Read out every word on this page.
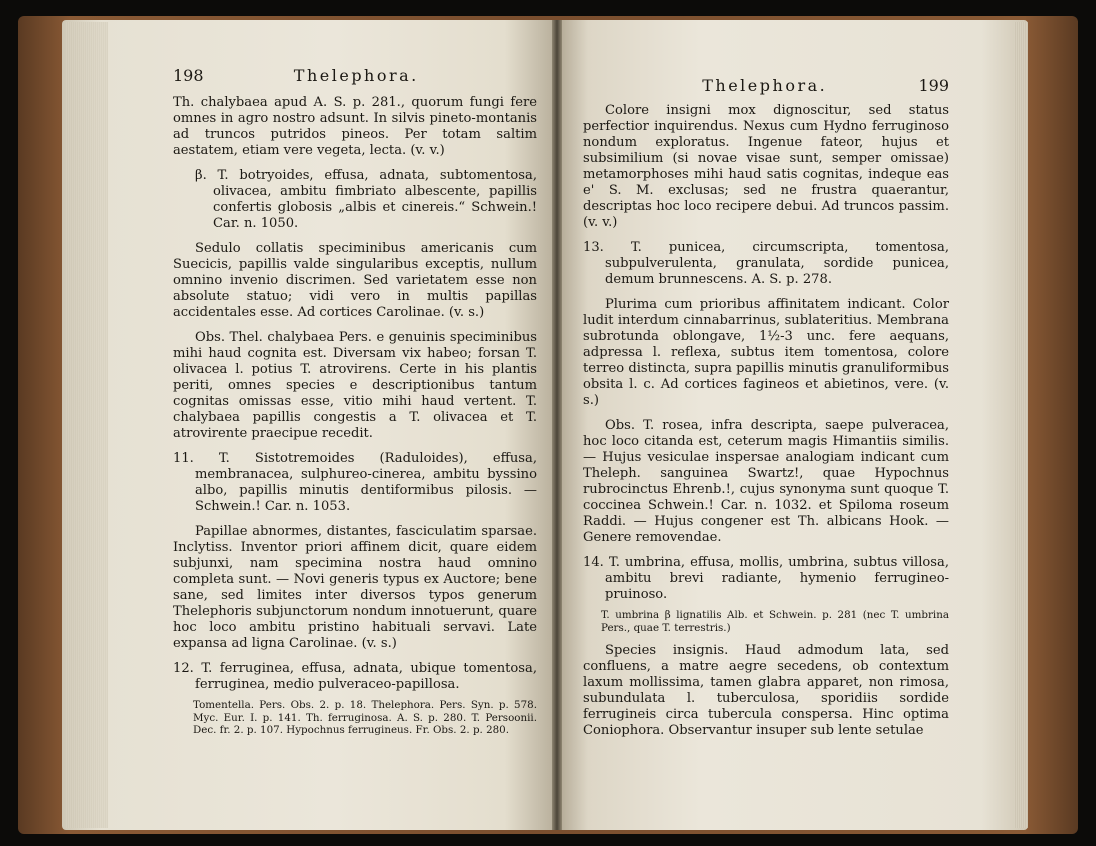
198	Thelephora.

Th. chalybaea apud A. S. p. 281., quorum fungi fere omnes in agro nostro adsunt. In silvis pineto-montanis ad truncos putridos pineos. Per totam saltim aestatem, etiam vere vegeta, lecta. (v. v.)

β. T. botryoides, effusa, adnata, subtomentosa, olivacea, ambitu fimbriato albescente, papillis confertis globosis „albis et cinereis.“ Schwein.! Car. n. 1050.

Sedulo collatis speciminibus americanis cum Suecicis, papillis valde singularibus exceptis, nullum omnino invenio discrimen. Sed varietatem esse non absolute statuo; vidi vero in multis papillas accidentales esse. Ad cortices Carolinae. (v. s.)

Obs. Thel. chalybaea Pers. e genuinis speciminibus mihi haud cognita est. Diversam vix habeo; forsan T. olivacea l. potius T. atrovirens. Certe in his plantis periti, omnes species e descriptionibus tantum cognitas omissas esse, vitio mihi haud vertent. T. chalybaea papillis congestis a T. olivacea et T. atrovirente praecipue recedit.

11. T. Sistotremoides (Raduloides), effusa, membranacea, sulphureo-cinerea, ambitu byssino albo, papillis minutis dentiformibus pilosis. — Schwein.! Car. n. 1053.

Papillae abnormes, distantes, fasciculatim sparsae. Inclytiss. Inventor priori affinem dicit, quare eidem subjunxi, nam specimina nostra haud omnino completa sunt. — Novi generis typus ex Auctore; bene sane, sed limites inter diversos typos generum Thelephoris subjunctorum nondum innotuerunt, quare hoc loco ambitu pristino habituali servavi. Late expansa ad ligna Carolinae. (v. s.)

12. T. ferruginea, effusa, adnata, ubique tomentosa, ferruginea, medio pulveraceo-papillosa.

Tomentella. Pers. Obs. 2. p. 18. Thelephora. Pers. Syn. p. 578. Myc. Eur. I. p. 141. Th. ferruginosa. A. S. p. 280. T. Persoonii. Dec. fr. 2. p. 107. Hypochnus ferrugineus. Fr. Obs. 2. p. 280.

Thelephora.	199

Colore insigni mox dignoscitur, sed status perfectior inquirendus. Nexus cum Hydno ferruginoso nondum exploratus. Ingenue fateor, hujus et subsimilium (si novae visae sunt, semper omissae) metamorphoses mihi haud satis cognitas, indeque eas e' S. M. exclusas; sed ne frustra quaerantur, descriptas hoc loco recipere debui. Ad truncos passim. (v. v.)

13. T. punicea, circumscripta, tomentosa, subpulverulenta, granulata, sordide punicea, demum brunnescens. A. S. p. 278.

Plurima cum prioribus affinitatem indicant. Color ludit interdum cinnabarrinus, sublateritius. Membrana subrotunda oblongave, 1½-3 unc. fere aequans, adpressa l. reflexa, subtus item tomentosa, colore terreo distincta, supra papillis minutis granuliformibus obsita l. c. Ad cortices fagineos et abietinos, vere. (v. s.)

Obs. T. rosea, infra descripta, saepe pulveracea, hoc loco citanda est, ceterum magis Himantiis similis. — Hujus vesiculae inspersae analogiam indicant cum Theleph. sanguinea Swartz!, quae Hypochnus rubrocinctus Ehrenb.!, cujus synonyma sunt quoque T. coccinea Schwein.! Car. n. 1032. et Spiloma roseum Raddi. — Hujus congener est Th. albicans Hook. — Genere removendae.

14. T. umbrina, effusa, mollis, umbrina, subtus villosa, ambitu brevi radiante, hymenio ferrugineo-pruinoso.

T. umbrina β lignatilis Alb. et Schwein. p. 281 (nec T. umbrina Pers., quae T. terrestris.)

Species insignis. Haud admodum lata, sed confluens, a matre aegre secedens, ob contextum laxum mollissima, tamen glabra apparet, non rimosa, subundulata l. tuberculosa, sporidiis sordide ferrugineis circa tubercula conspersa. Hinc optima Coniophora. Observantur insuper sub lente setulae
